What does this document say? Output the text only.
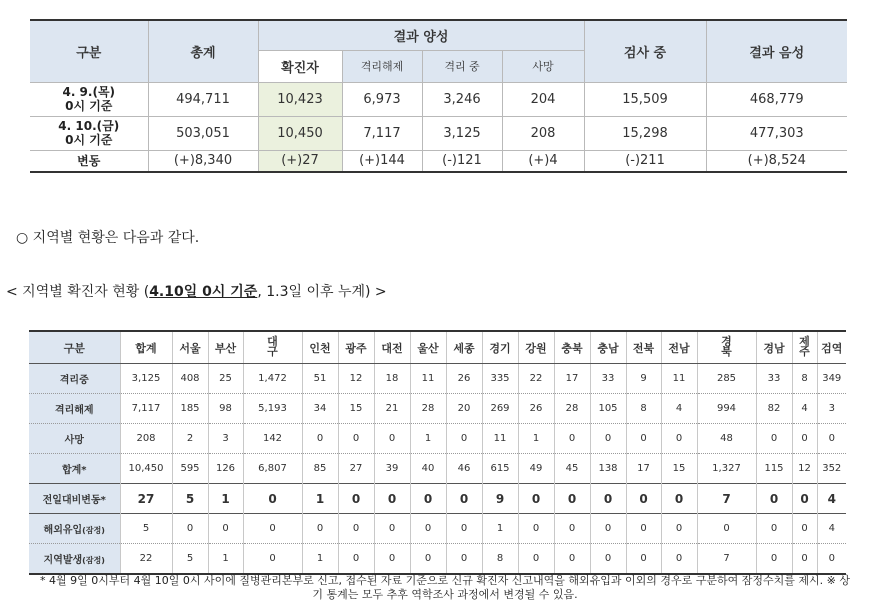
구분	총계	결과 양성				검사 중	결과 음성
		확진자	격리해제	격리 중	사망		
4. 9.(목)
0시 기준	494,711	10,423	6,973	3,246	204	15,509	468,779
4. 10.(금)
0시 기준	503,051	10,450	7,117	3,125	208	15,298	477,303
변동	(+)8,340	(+)27	(+)144	(-)121	(+)4	(-)211	(+)8,524
○ 지역별 현황은 다음과 같다.
< 지역별 확진자 현황 (4.10일 0시 기준, 1.3일 이후 누계) >
구분	합계	서울	부산	대구	인천	광주	대전	울산	세종	경기	강원	충북	충남	전북	전남	경북	경남	제주	검역
격리중	3,125	408	25	1,472	51	12	18	11	26	335	22	17	33	9	11	285	33	8	349
격리해제	7,117	185	98	5,193	34	15	21	28	20	269	26	28	105	8	4	994	82	4	3
사망	208	2	3	142	0	0	0	1	0	11	1	0	0	0	0	48	0	0	0
합계*	10,450	595	126	6,807	85	27	39	40	46	615	49	45	138	17	15	1,327	115	12	352
전일대비변동*	27	5	1	0	1	0	0	0	0	9	0	0	0	0	0	7	0	0	4
해외유입(잠정)	5	0	0	0	0	0	0	0	0	1	0	0	0	0	0	0	0	0	4
지역발생(잠정)	22	5	1	0	1	0	0	0	0	8	0	0	0	0	0	7	0	0	0
* 4월 9일 0시부터 4월 10일 0시 사이에 질병관리본부로 신고, 접수된 자료 기준으로 신규 확진자 신고내역을 해외유입과 이외의 경우로 구분하여 잠정수치를 제시. ※ 상기 통계는 모두 추후 역학조사 과정에서 변경될 수 있음.
